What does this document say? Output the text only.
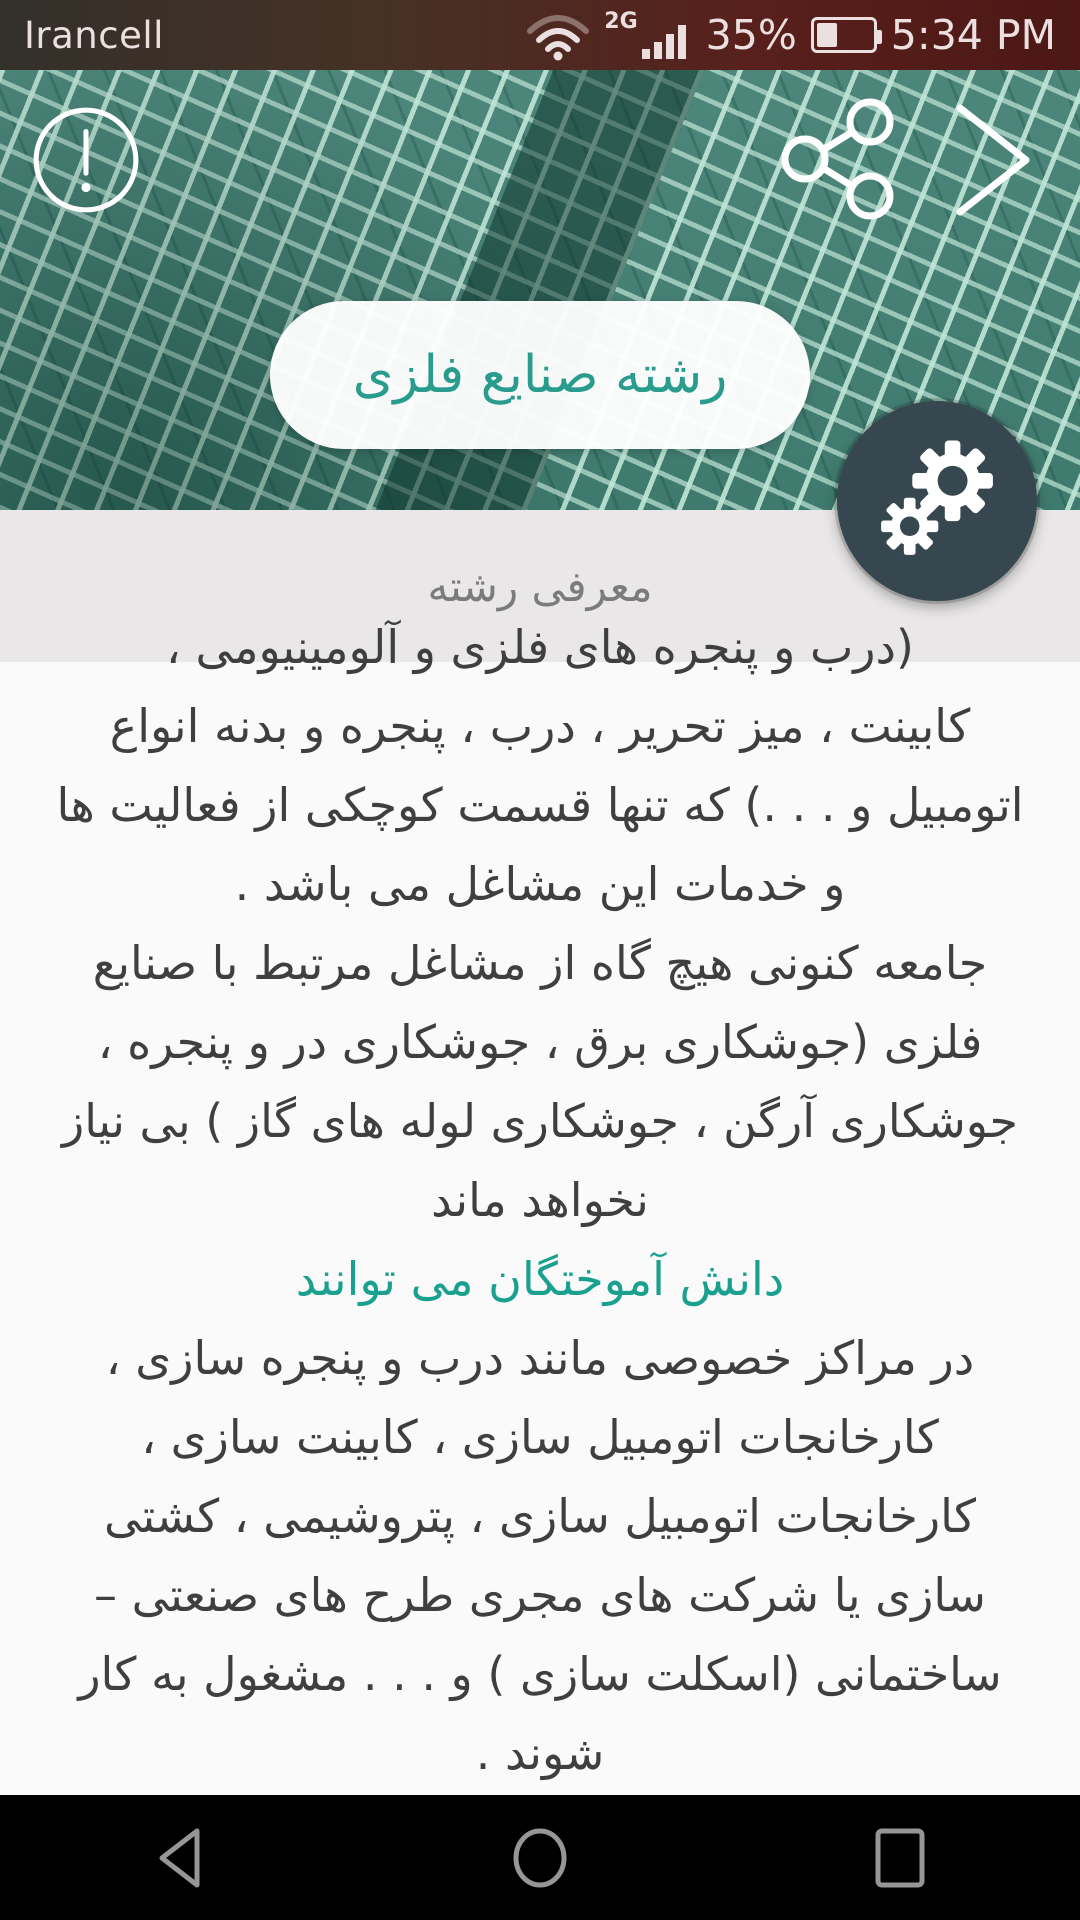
Irancell	2G 35% 5:34 PM
رشته صنایع فلزی
معرفی رشته
(درب و پنجره های فلزی و آلومینیومی ،
کابینت ، میز تحریر ، درب ، پنجره و بدنه انواع
اتومبیل و . . .) که تنها قسمت کوچکی از فعالیت ها
و خدمات این مشاغل می باشد .
جامعه کنونی هیچ گاه از مشاغل مرتبط با صنایع
فلزی (جوشکاری برق ، جوشکاری در و پنجره ،
جوشکاری آرگن ، جوشکاری لوله های گاز ) بی نیاز
نخواهد ماند
دانش آموختگان می توانند
در مراکز خصوصی مانند درب و پنجره سازی ،
کارخانجات اتومبیل سازی ، کابینت سازی ،
کارخانجات اتومبیل سازی ، پتروشیمی ، کشتی
سازی یا شرکت های مجری طرح های صنعتی –
ساختمانی (اسکلت سازی ) و . . . مشغول به کار
شوند .
